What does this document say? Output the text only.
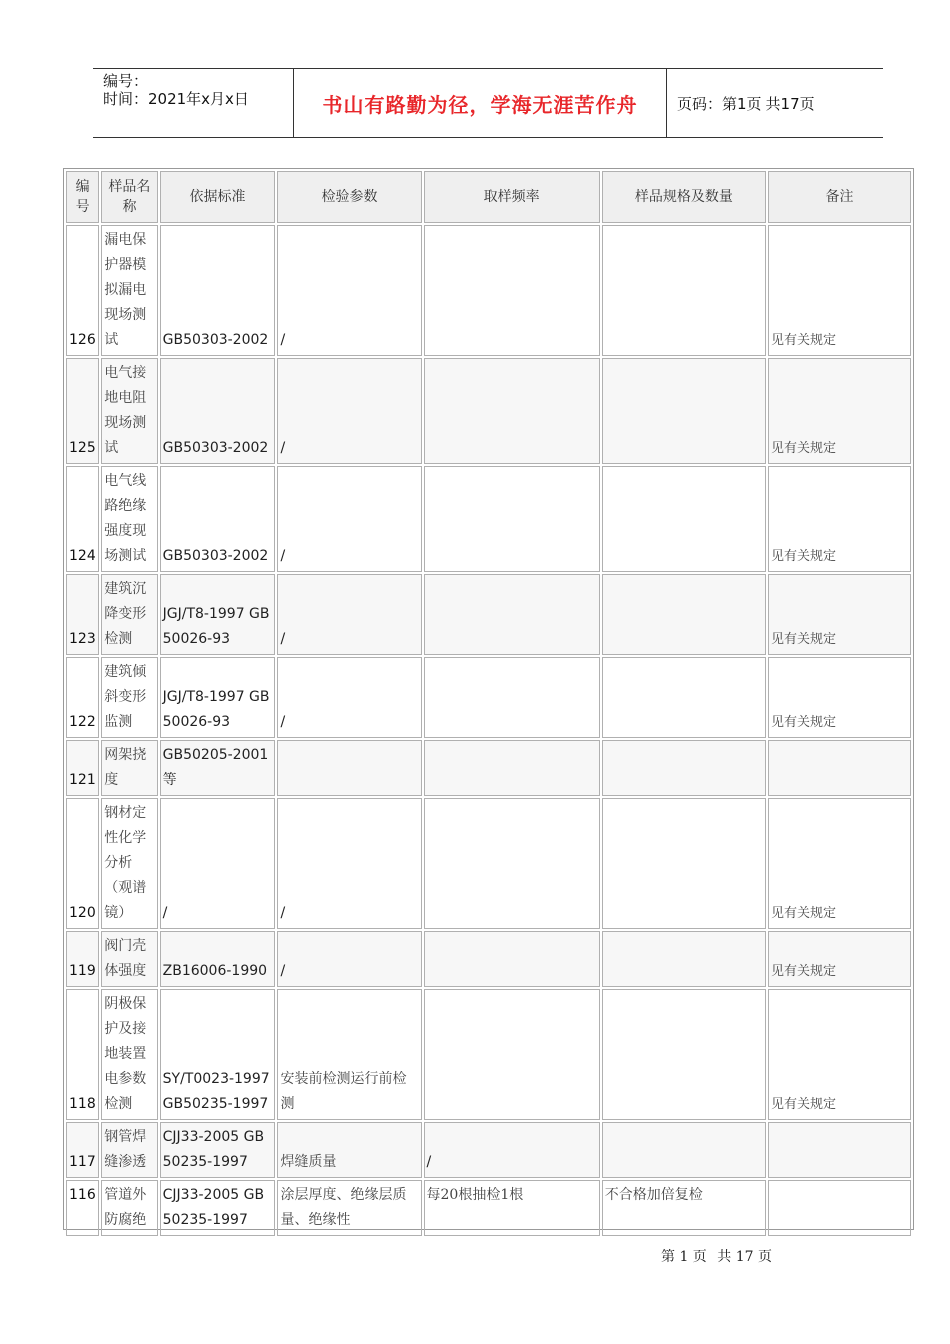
编号：
时间：2021年x月x日	书山有路勤为径，学海无涯苦作舟	页码：第1页 共17页
编号	样品名称	依据标准	检验参数	取样频率	样品规格及数量	备注
126	漏电保护器模拟漏电现场测试	GB50303-2002	/			见有关规定
125	电气接地电阻现场测试	GB50303-2002	/			见有关规定
124	电气线路绝缘强度现场测试	GB50303-2002	/			见有关规定
123	建筑沉降变形检测	JGJ/T8-1997 GB50026-93	/			见有关规定
122	建筑倾斜变形监测	JGJ/T8-1997 GB50026-93	/			见有关规定
121	网架挠度	GB50205-2001 等				
120	钢材定性化学分析（观谱镜）	/	/			见有关规定
119	阀门壳体强度	ZB16006-1990	/			见有关规定
118	阴极保护及接地装置电参数检测	SY/T0023-1997 GB50235-1997	安装前检测运行前检测			见有关规定
117	钢管焊缝渗透	CJJ33-2005 GB50235-1997	焊缝质量	/		
116	管道外防腐绝	CJJ33-2005 GB50235-1997	涂层厚度、绝缘层质量、绝缘性	每20根抽检1根	不合格加倍复检	
第 1 页 共 17 页
